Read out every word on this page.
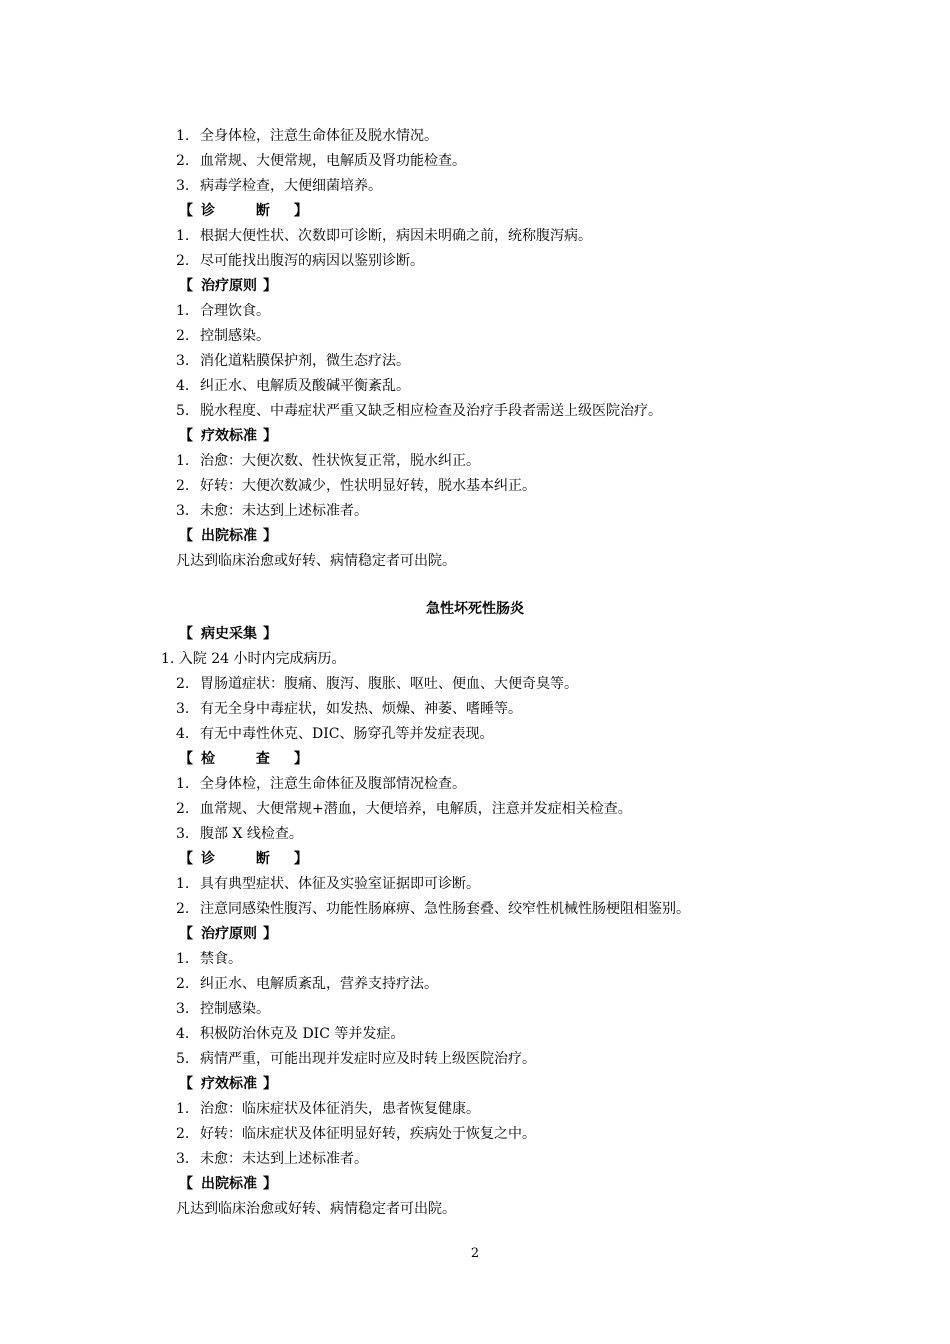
1. 全身体检，注意生命体征及脱水情况。
2. 血常规、大便常规，电解质及肾功能检查。
3. 病毒学检查，大便细菌培养。
【 诊 断 】
1. 根据大便性状、次数即可诊断，病因未明确之前，统称腹泻病。
2. 尽可能找出腹泻的病因以鉴别诊断。
【 治疗原则 】
1. 合理饮食。
2. 控制感染。
3. 消化道粘膜保护剂，微生态疗法。
4. 纠正水、电解质及酸碱平衡紊乱。
5. 脱水程度、中毒症状严重又缺乏相应检查及治疗手段者需送上级医院治疗。
【 疗效标准 】
1. 治愈：大便次数、性状恢复正常，脱水纠正。
2. 好转：大便次数减少，性状明显好转，脱水基本纠正。
3. 未愈：未达到上述标准者。
【 出院标准 】
凡达到临床治愈或好转、病情稳定者可出院。
急性坏死性肠炎
【 病史采集 】
1. 入院 24 小时内完成病历。
2. 胃肠道症状：腹痛、腹泻、腹胀、呕吐、便血、大便奇臭等。
3. 有无全身中毒症状，如发热、烦燥、神萎、嗜睡等。
4. 有无中毒性休克、DIC、肠穿孔等并发症表现。
【 检 查 】
1. 全身体检，注意生命体征及腹部情况检查。
2. 血常规、大便常规+潜血，大便培养，电解质，注意并发症相关检查。
3. 腹部 X 线检查。
【 诊 断 】
1. 具有典型症状、体征及实验室证据即可诊断。
2. 注意同感染性腹泻、功能性肠麻痹、急性肠套叠、绞窄性机械性肠梗阻相鉴别。
【 治疗原则 】
1. 禁食。
2. 纠正水、电解质紊乱，营养支持疗法。
3. 控制感染。
4. 积极防治休克及 DIC 等并发症。
5. 病情严重，可能出现并发症时应及时转上级医院治疗。
【 疗效标准 】
1. 治愈：临床症状及体征消失，患者恢复健康。
2. 好转：临床症状及体征明显好转，疾病处于恢复之中。
3. 未愈：未达到上述标准者。
【 出院标准 】
凡达到临床治愈或好转、病情稳定者可出院。
2
